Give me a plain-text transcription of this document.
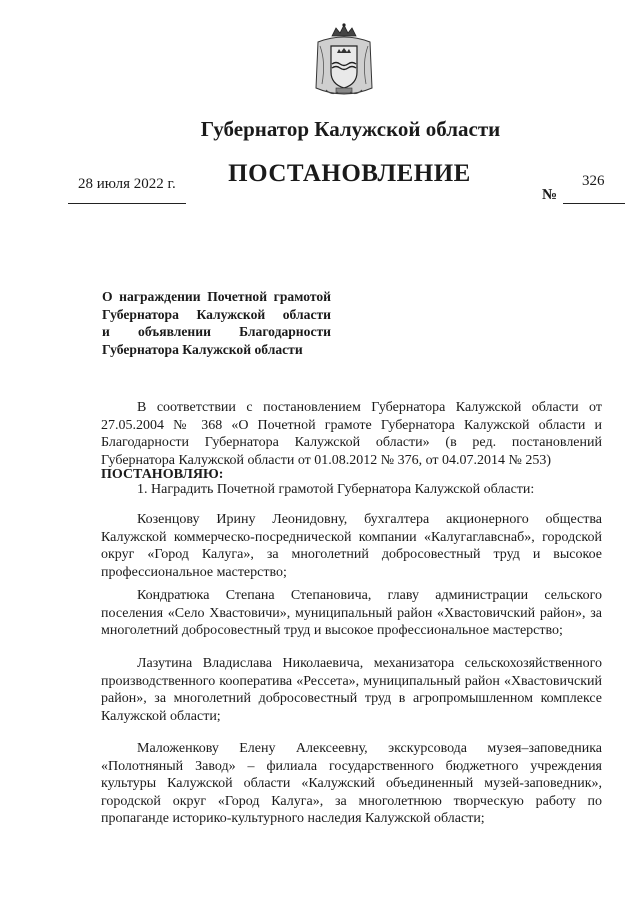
Губернатор Калужской области
ПОСТАНОВЛЕНИЕ
28 июля 2022 г.
№
326
О награждении Почетной грамотой
Губернатора Калужской области
и объявлении Благодарности
Губернатора Калужской области

В соответствии с постановлением Губернатора Калужской области от 27.05.2004 № 368 «О Почетной грамоте Губернатора Калужской области и Благодарности Губернатора Калужской области» (в ред. постановлений Губернатора Калужской области от 01.08.2012 № 376, от 04.07.2014 № 253)

ПОСТАНОВЛЯЮ:

1. Наградить Почетной грамотой Губернатора Калужской области:

Козенцову Ирину Леонидовну, бухгалтера акционерного общества Калужской коммерческо-посреднической компании «Калугаглавснаб», городской округ «Город Калуга», за многолетний добросовестный труд и высокое профессиональное мастерство;

Кондратюка Степана Степановича, главу администрации сельского поселения «Село Хвастовичи», муниципальный район «Хвастовичский район», за многолетний добросовестный труд и высокое профессиональное мастерство;

Лазутина Владислава Николаевича, механизатора сельскохозяйственного производственного кооператива «Рессета», муниципальный район «Хвастовичский район», за многолетний добросовестный труд в агропромышленном комплексе Калужской области;

Маложенкову Елену Алексеевну, экскурсовода музея–заповедника «Полотняный Завод» – филиала государственного бюджетного учреждения культуры Калужской области «Калужский объединенный музей-заповедник», городской округ «Город Калуга», за многолетнюю творческую работу по пропаганде историко-культурного наследия Калужской области;
